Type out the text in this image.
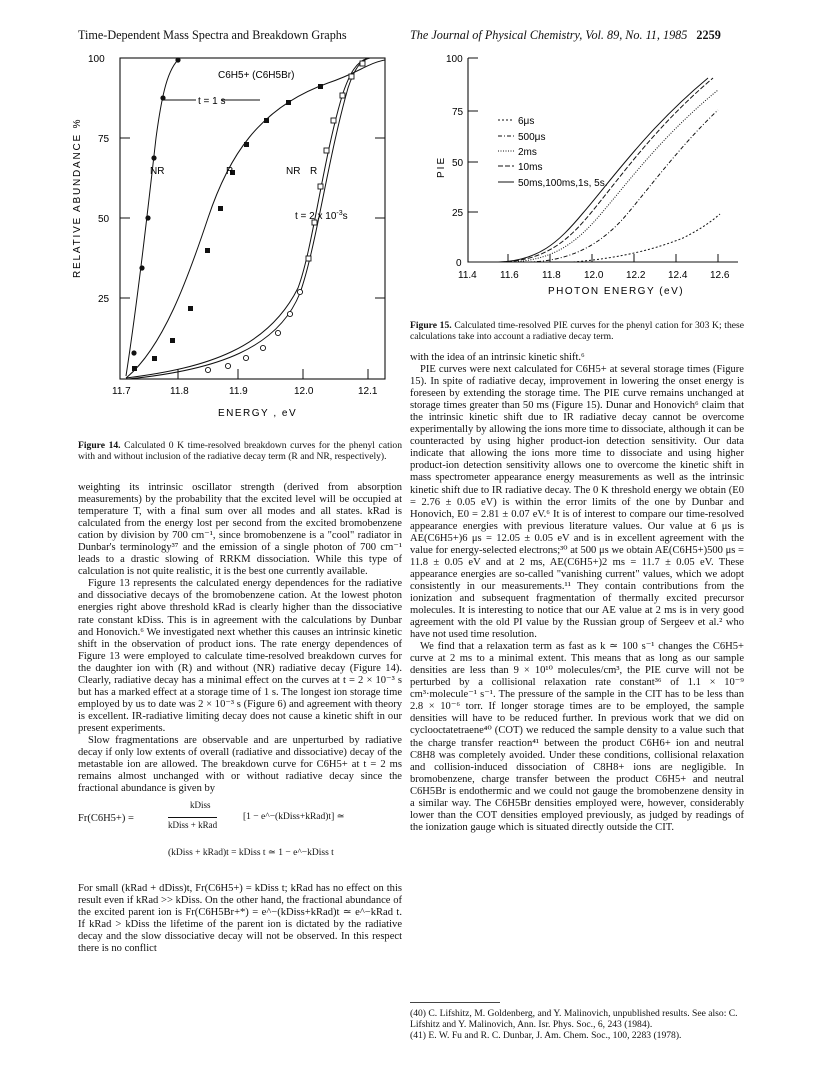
Time-Dependent Mass Spectra and Breakdown Graphs	The Journal of Physical Chemistry, Vol. 89, No. 11, 1985 2259
100
75
50
25
11.7	11.8	11.9	12.0	12.1
ENERGY , eV
RELATIVE ABUNDANCE %
C6H5+ (C6H5Br)
t = 1 s
NR	R	NR R
t = 2 x $10^{-3}s$
Figure 14. Calculated 0 K time-resolved breakdown curves for the phenyl cation with and without inclusion of the radiative decay term (R and NR, respectively).
100
75
50
25
0
11.4 11.6 11.8 12.0 12.2 12.4 12.6
PHOTON ENERGY (eV)
PIE
6μs
500μs
2ms
10ms
50ms,100ms,1s, 5s.
Figure 15. Calculated time-resolved PIE curves for the phenyl cation for 303 K; these calculations take into account a radiative decay term.

weighting its intrinsic oscillator strength (derived from absorption measurements) by the probability that the excited level will be occupied at temperature T, with a final sum over all modes and all states. kRad is calculated from the energy lost per second from the excited bromobenzene cation by division by 700 cm⁻¹, since bromobenzene is a "cool" radiator in Dunbar's terminology³⁷ and the emission of a single photon of 700 cm⁻¹ leads to a drastic slowing of RRKM dissociation. While this type of calculation is not quite realistic, it is the best one currently available.

Figure 13 represents the calculated energy dependences for the radiative and dissociative decays of the bromobenzene cation. At the lowest photon energies right above threshold kRad is clearly higher than the dissociative rate constant kDiss. This is in agreement with the calculations by Dunbar and Honovich.⁶ We investigated next whether this causes an intrinsic kinetic shift in the observation of product ions. The rate energy dependences of Figure 13 were employed to calculate time-resolved breakdown curves for the daughter ion with (R) and without (NR) radiative decay (Figure 14). Clearly, radiative decay has a minimal effect on the curves at t = 2 × 10⁻³ s but has a marked effect at a storage time of 1 s. The longest ion storage time employed by us to date was 2 × 10⁻³ s (Figure 6) and agreement with theory is excellent. IR-radiative limiting decay does not cause a kinetic shift in our present experiments.

Slow fragmentations are observable and are unperturbed by radiative decay if only low extents of overall (radiative and dissociative) decay of the metastable ion are allowed. The breakdown curve for C6H5+ at t = 2 ms remains almost unchanged with or without radiative decay since the fractional abundance is given by

Fr(C6H5+) =
kDiss
kDiss + kRad
[1 − e^−(kDiss+kRad)t] ≃
(kDiss + kRad)t = kDiss t ≃ 1 − e^−kDiss t

For small (kRad + dDiss)t, Fr(C6H5+) = kDiss t; kRad has no effect on this result even if kRad >> kDiss. On the other hand, the fractional abundance of the excited parent ion is Fr(C6H5Br+*) = e^−(kDiss+kRad)t ≃ e^−kRad t. If kRad > kDiss the lifetime of the parent ion is dictated by the radiative decay and the slow dissociative decay will not be observed. In this respect there is no conflict

with the idea of an intrinsic kinetic shift.⁶

PIE curves were next calculated for C6H5+ at several storage times (Figure 15). In spite of radiative decay, improvement in lowering the onset energy is foreseen by extending the storage time. The PIE curve remains unchanged at storage times greater than 50 ms (Figure 15). Dunar and Honovich⁶ claim that the intrinsic kinetic shift due to IR radiative decay cannot be overcome experimentally by allowing the ions more time to dissociate, although it can be counteracted by using higher product-ion detection sensitivity. Our data indicate that allowing the ions more time to dissociate and using higher product-ion detection sensitivity allows one to overcome the kinetic shift in mass spectrometer appearance energy measurements as well as the intrinsic kinetic shift due to IR radiative decay. The 0 K threshold energy we obtain (E0 = 2.76 ± 0.05 eV) is within the error limits of the one by Dunbar and Honovich, E0 = 2.81 ± 0.07 eV.⁶ It is of interest to compare our time-resolved appearance energies with previous literature values. Our value at 6 μs is AE(C6H5+)6 μs = 12.05 ± 0.05 eV and is in excellent agreement with the value for energy-selected electrons;³⁰ at 500 μs we obtain AE(C6H5+)500 μs = 11.8 ± 0.05 eV and at 2 ms, AE(C6H5+)2 ms = 11.7 ± 0.05 eV. These appearance energies are so-called "vanishing current" values, which we adopt consistently in our measurements.¹¹ They contain contributions from the ionization and subsequent fragmentation of thermally excited precursor molecules. It is interesting to notice that our AE value at 2 ms is in very good agreement with the old PI value by the Russian group of Sergeev et al.² who have not used time resolution.

We find that a relaxation term as fast as k ≃ 100 s⁻¹ changes the C6H5+ curve at 2 ms to a minimal extent. This means that as long as our sample densities are less than 9 × 10¹⁰ molecules/cm³, the PIE curve will not be perturbed by a collisional relaxation rate constant³⁶ of 1.1 × 10⁻⁹ cm³·molecule⁻¹ s⁻¹. The pressure of the sample in the CIT has to be less than 2.8 × 10⁻⁶ torr. If longer storage times are to be employed, the sample densities will have to be reduced further. In previous work that we did on cyclooctatetraene⁴⁰ (COT) we reduced the sample density to a value such that the charge transfer reaction⁴¹ between the product C6H6+ ion and neutral C8H8 was completely avoided. Under these conditions, collisional relaxation and collision-induced dissociation of C8H8+ ions are negligible. In bromobenzene, charge transfer between the product C6H5+ and neutral C6H5Br is endothermic and we could not gauge the bromobenzene density in a similar way. The C6H5Br densities employed were, however, considerably lower than the COT densities employed previously, as judged by readings of the ionization gauge which is situated directly outside the CIT.

(40) C. Lifshitz, M. Goldenberg, and Y. Malinovich, unpublished results. See also: C. Lifshitz and Y. Malinovich, Ann. Isr. Phys. Soc., 6, 243 (1984).
(41) E. W. Fu and R. C. Dunbar, J. Am. Chem. Soc., 100, 2283 (1978).
